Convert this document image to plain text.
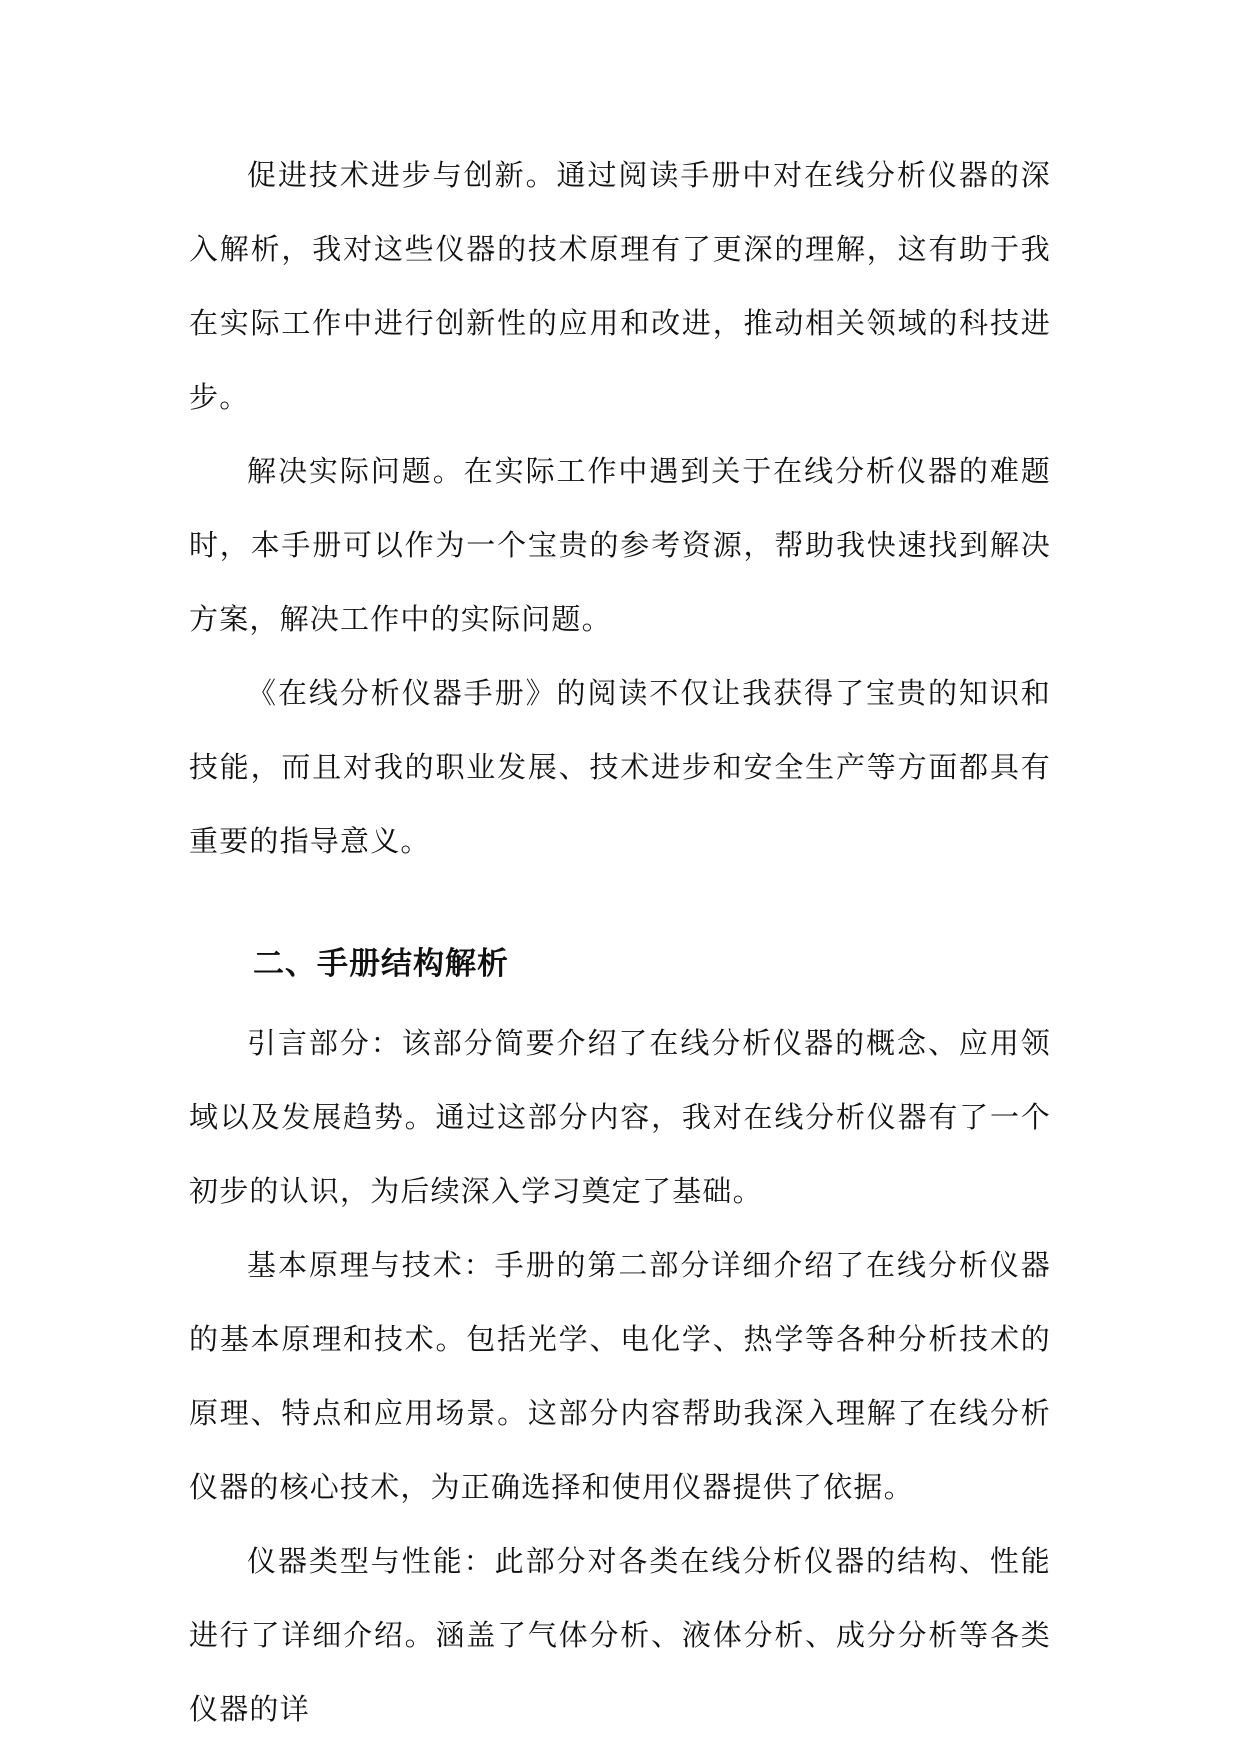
促进技术进步与创新。通过阅读手册中对在线分析仪器的深入解析，我对这些仪器的技术原理有了更深的理解，这有助于我在实际工作中进行创新性的应用和改进，推动相关领域的科技进步。

解决实际问题。在实际工作中遇到关于在线分析仪器的难题时，本手册可以作为一个宝贵的参考资源，帮助我快速找到解决方案，解决工作中的实际问题。

《在线分析仪器手册》的阅读不仅让我获得了宝贵的知识和技能，而且对我的职业发展、技术进步和安全生产等方面都具有重要的指导意义。

二、手册结构解析

引言部分：该部分简要介绍了在线分析仪器的概念、应用领域以及发展趋势。通过这部分内容，我对在线分析仪器有了一个初步的认识，为后续深入学习奠定了基础。

基本原理与技术：手册的第二部分详细介绍了在线分析仪器的基本原理和技术。包括光学、电化学、热学等各种分析技术的原理、特点和应用场景。这部分内容帮助我深入理解了在线分析仪器的核心技术，为正确选择和使用仪器提供了依据。

仪器类型与性能：此部分对各类在线分析仪器的结构、性能进行了详细介绍。涵盖了气体分析、液体分析、成分分析等各类仪器的详
